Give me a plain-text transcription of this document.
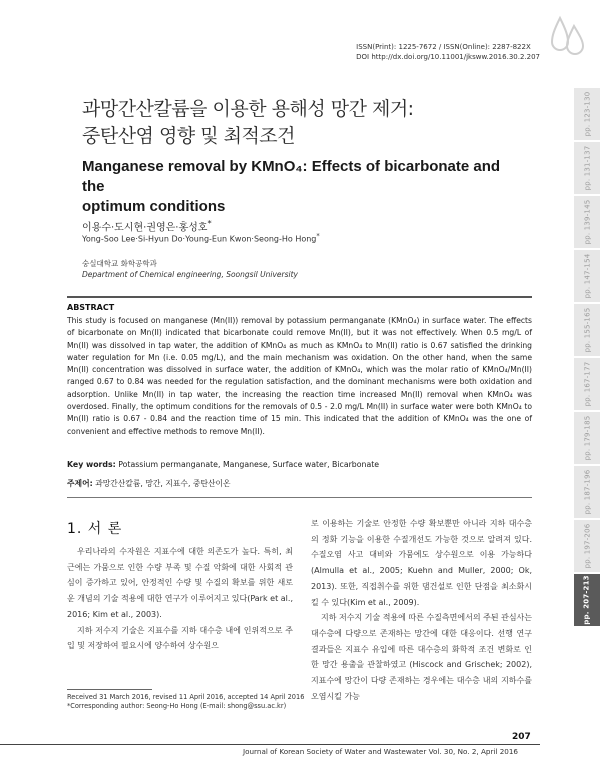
ISSN(Print): 1225-7672 / ISSN(Online): 2287-822X
DOI http://dx.doi.org/10.11001/jksww.2016.30.2.207
pp. 123-130
pp. 131-137
pp. 139-145
pp. 147-154
pp. 155-165
pp. 167-177
pp. 179-185
pp. 187-196
pp. 197-206
pp. 207-213
과망간산칼륨을 이용한 용해성 망간 제거:
중탄산염 영향 및 최적조건
Manganese removal by KMnO₄: Effects of bicarbonate and the
optimum conditions
이용수·도시현·권영은·홍성호*
Yong-Soo Lee·Si-Hyun Do·Young-Eun Kwon·Seong-Ho Hong*
숭실대학교 화학공학과
Department of Chemical engineering, Soongsil University
ABSTRACT

This study is focused on manganese (Mn(II)) removal by potassium permanganate (KMnO₄) in surface water. The effects of bicarbonate on Mn(II) indicated that bicarbonate could remove Mn(II), but it was not effectively. When 0.5 mg/L of Mn(II) was dissolved in tap water, the addition of KMnO₄ as much as KMnO₄ to Mn(II) ratio is 0.67 satisfied the drinking water regulation for Mn (i.e. 0.05 mg/L), and the main mechanism was oxidation. On the other hand, when the same Mn(II) concentration was dissolved in surface water, the addition of KMnO₄, which was the molar ratio of KMnO₄/Mn(II) ranged 0.67 to 0.84 was needed for the regulation satisfaction, and the dominant mechanisms were both oxidation and adsorption. Unlike Mn(II) in tap water, the increasing the reaction time increased Mn(II) removal when KMnO₄ was overdosed. Finally, the optimum conditions for the removals of 0.5 - 2.0 mg/L Mn(II) in surface water were both KMnO₄ to Mn(II) ratio is 0.67 - 0.84 and the reaction time of 15 min. This indicated that the addition of KMnO₄ was the one of convenient and effective methods to remove Mn(II).

Key words: Potassium permanganate, Manganese, Surface water, Bicarbonate
주제어: 과망간산칼륨, 망간, 지표수, 중탄산이온
1. 서 론

우리나라의 수자원은 지표수에 대한 의존도가 높다. 특히, 최근에는 가뭄으로 인한 수량 부족 및 수질 악화에 대한 사회적 관심이 증가하고 있어, 안정적인 수량 및 수질의 확보를 위한 새로운 개념의 기술 적용에 대한 연구가 이루어지고 있다(Park et al., 2016; Kim et al., 2003).

지하 저수지 기술은 지표수를 지하 대수층 내에 인위적으로 주입 및 저장하여 필요시에 양수하여 상수원으

로 이용하는 기술로 안정한 수량 확보뿐만 아니라 지하 대수층의 정화 기능을 이용한 수질개선도 가능한 것으로 알려져 있다. 수질오염 사고 대비와 가뭄에도 상수원으로 이용 가능하다(Almulla et al., 2005; Kuehn and Muller, 2000; Ok, 2013). 또한, 직접취수를 위한 댐건설로 인한 단점을 최소화시킬 수 있다(Kim et al., 2009).

지하 저수지 기술 적용에 따른 수질측면에서의 주된 관심사는 대수층에 다량으로 존재하는 망간에 대한 대응이다. 선행 연구 결과들은 지표수 유입에 따른 대수층의 화학적 조건 변화로 인한 망간 용출을 관찰하였고 (Hiscock and Grischek; 2002), 지표수에 망간이 다량 존재하는 경우에는 대수층 내의 지하수를 오염시킬 가능

Received 31 March 2016, revised 11 April 2016, accepted 14 April 2016
*Corresponding author: Seong-Ho Hong (E-mail: shong@ssu.ac.kr)
207
Journal of Korean Society of Water and Wastewater Vol. 30, No. 2, April 2016
